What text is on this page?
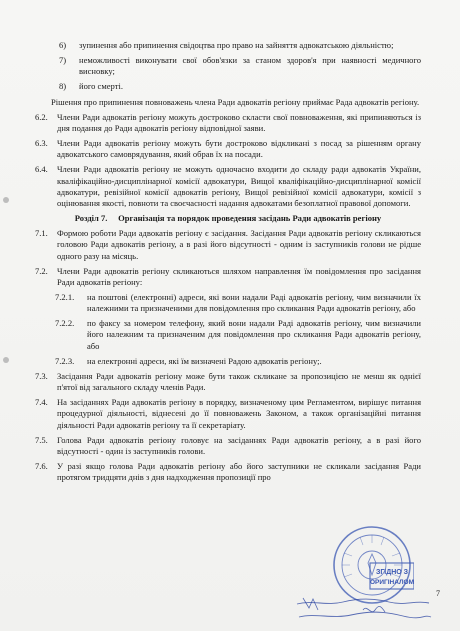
6)	зупинення або припинення свідоцтва про право на зайняття адвокатською діяльністю;
7)	неможливості виконувати свої обов'язки за станом здоров'я при наявності медичного висновку;
8)	його смерті.

Рішення про припинення повноважень члена Ради адвокатів регіону приймає Рада адвокатів регіону.

6.2.	Члени Ради адвокатів регіону можуть достроково скласти свої повноваження, які припиняються із дня подання до Ради адвокатів регіону відповідної заяви.
6.3.	Члени Ради адвокатів регіону можуть бути достроково відкликані з посад за рішенням органу адвокатського самоврядування, який обрав їх на посади.
6.4.	Члени Ради адвокатів регіону не можуть одночасно входити до складу ради адвокатів України, кваліфікаційно-дисциплінарної комісії адвокатури, Вищої кваліфікаційно-дисциплінарної комісії адвокатури, ревізійної комісії адвокатів регіону, Вищої ревізійної комісії адвокатури, комісії з оцінювання якості, повноти та своєчасності надання адвокатами безоплатної правової допомоги.

Розділ 7.     Організація та порядок проведення засідань Ради адвокатів регіону

7.1.	Формою роботи Ради адвокатів регіону є засідання. Засідання Ради адвокатів регіону скликаються головою Ради адвокатів регіону, а в разі його відсутності - одним із заступників голови не рідше одного разу на місяць.
7.2.	Члени Ради адвокатів регіону скликаються шляхом направлення їм повідомлення про засідання Ради адвокатів регіону:
7.2.1.	на поштові (електронні) адреси, які вони надали Раді адвокатів регіону, чим визначили їх належними та призначеними для повідомлення про скликання Ради адвокатів регіону, або
7.2.2.	по факсу за номером телефону, який вони надали Раді адвокатів регіону, чим визначили його належним та призначеним для повідомлення про скликання Ради адвокатів регіону, або
7.2.3.	на електронні адреси, які їм визначені Радою адвокатів регіону;.
7.3.	Засідання Ради адвокатів регіону може бути також скликане за пропозицією не менш як однієї п'ятої від загального складу членів Ради.
7.4.	На засіданнях Ради адвокатів регіону в порядку, визначеному цим Регламентом, вирішує питання процедурної діяльності, віднесені до її повноважень Законом, а також організаційні питання діяльності Ради адвокатів регіону та її секретаріату.
7.5.	Голова Ради адвокатів регіону головує на засіданнях Ради адвокатів регіону, а в разі його відсутності - один із заступників голови.
7.6.	У разі якщо голова Ради адвокатів регіону або його заступники не скликали засідання Ради протягом тридцяти днів з дня надходження пропозиції про
ЗГІДНО З
ОРИГІНАЛОМ
7
